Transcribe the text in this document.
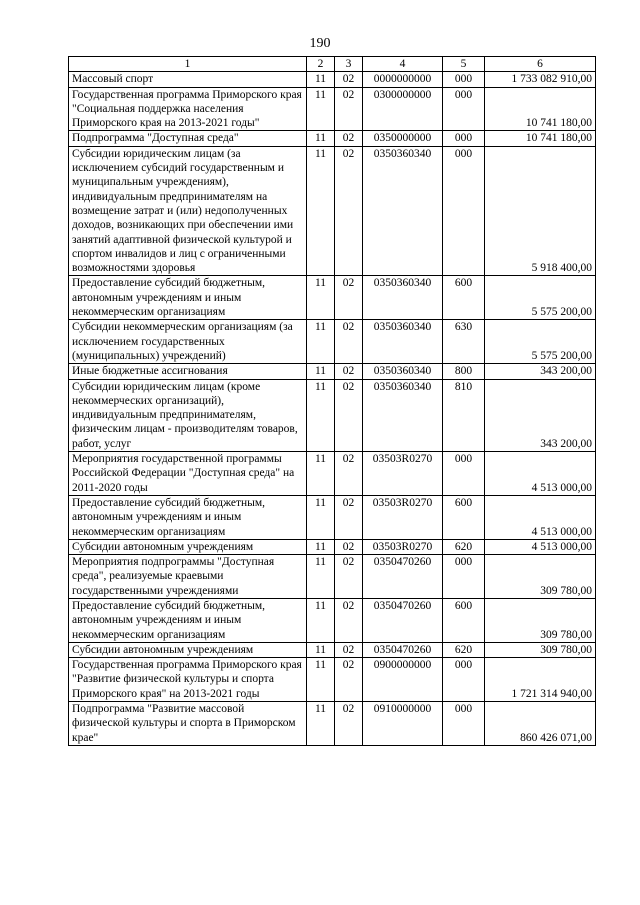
190
1	2	3	4	5	6
Массовый спорт	11	02	0000000000	000	1 733 082 910,00
Государственная программа Приморского края "Социальная поддержка населения Приморского края на 2013-2021 годы"	11	02	0300000000	000	10 741 180,00
Подпрограмма "Доступная среда"	11	02	0350000000	000	10 741 180,00
Субсидии юридическим лицам (за исключением субсидий государственным и муниципальным учреждениям), индивидуальным предпринимателям на возмещение затрат и (или) недополученных доходов, возникающих при обеспечении ими занятий адаптивной физической культурой и спортом инвалидов и лиц с ограниченными возможностями здоровья	11	02	0350360340	000	5 918 400,00
Предоставление субсидий бюджетным, автономным учреждениям и иным некоммерческим организациям	11	02	0350360340	600	5 575 200,00
Субсидии некоммерческим организациям (за исключением государственных (муниципальных) учреждений)	11	02	0350360340	630	5 575 200,00
Иные бюджетные ассигнования	11	02	0350360340	800	343 200,00
Субсидии юридическим лицам (кроме некоммерческих организаций), индивидуальным предпринимателям, физическим лицам - производителям товаров, работ, услуг	11	02	0350360340	810	343 200,00
Мероприятия государственной программы Российской Федерации "Доступная среда" на 2011-2020 годы	11	02	03503R0270	000	4 513 000,00
Предоставление субсидий бюджетным, автономным учреждениям и иным некоммерческим организациям	11	02	03503R0270	600	4 513 000,00
Субсидии автономным учреждениям	11	02	03503R0270	620	4 513 000,00
Мероприятия подпрограммы "Доступная среда", реализуемые краевыми государственными учреждениями	11	02	0350470260	000	309 780,00
Предоставление субсидий бюджетным, автономным учреждениям и иным некоммерческим организациям	11	02	0350470260	600	309 780,00
Субсидии автономным учреждениям	11	02	0350470260	620	309 780,00
Государственная программа Приморского края "Развитие физической культуры и спорта Приморского края" на 2013-2021 годы	11	02	0900000000	000	1 721 314 940,00
Подпрограмма "Развитие массовой физической культуры и спорта в Приморском крае"	11	02	0910000000	000	860 426 071,00
